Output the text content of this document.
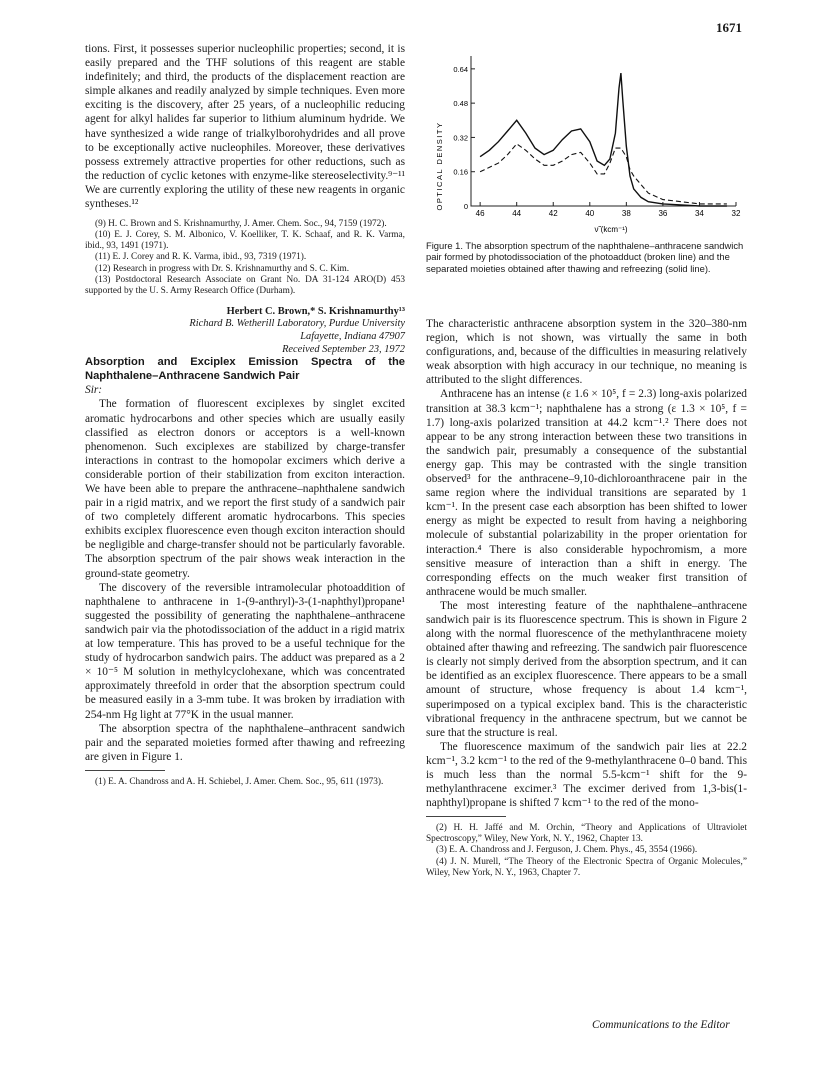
1671

tions. First, it possesses superior nucleophilic properties; second, it is easily prepared and the THF solutions of this reagent are stable indefinitely; and third, the products of the displacement reaction are simple alkanes and readily analyzed by simple techniques. Even more exciting is the discovery, after 25 years, of a nucleophilic reducing agent for alkyl halides far superior to lithium aluminum hydride. We have synthesized a wide range of trialkylborohydrides and all prove to be exceptionally active nucleophiles. Moreover, these derivatives possess extremely attractive properties for other reductions, such as the reduction of cyclic ketones with enzyme-like stereoselectivity.⁹⁻¹¹ We are currently exploring the utility of these new reagents in organic syntheses.¹²

(9) H. C. Brown and S. Krishnamurthy, J. Amer. Chem. Soc., 94, 7159 (1972).

(10) E. J. Corey, S. M. Albonico, V. Koelliker, T. K. Schaaf, and R. K. Varma, ibid., 93, 1491 (1971).

(11) E. J. Corey and R. K. Varma, ibid., 93, 7319 (1971).

(12) Research in progress with Dr. S. Krishnamurthy and S. C. Kim.

(13) Postdoctoral Research Associate on Grant No. DA 31-124 ARO(D) 453 supported by the U. S. Army Research Office (Durham).

Herbert C. Brown,* S. Krishnamurthy¹³
Richard B. Wetherill Laboratory, Purdue University
Lafayette, Indiana 47907
Received September 23, 1972

Absorption and Exciplex Emission Spectra of the Naphthalene–Anthracene Sandwich Pair

Sir:

The formation of fluorescent exciplexes by singlet excited aromatic hydrocarbons and other species which are usually easily classified as electron donors or acceptors is a well-known phenomenon. Such exciplexes are stabilized by charge-transfer interactions in contrast to the homopolar excimers which derive a considerable portion of their stabilization from exciton interaction. We have been able to prepare the anthracene–naphthalene sandwich pair in a rigid matrix, and we report the first study of a sandwich pair of two completely different aromatic hydrocarbons. This species exhibits exciplex fluorescence even though exciton interaction should be negligible and charge-transfer should not be particularly favorable. The absorption spectrum of the pair shows weak interaction in the ground-state geometry.

The discovery of the reversible intramolecular photoaddition of naphthalene to anthracene in 1-(9-anthryl)-3-(1-naphthyl)propane¹ suggested the possibility of generating the naphthalene–anthracene sandwich pair via the photodissociation of the adduct in a rigid matrix at low temperature. This has proved to be a useful technique for the study of hydrocarbon sandwich pairs. The adduct was prepared as a 2 × 10⁻⁵ M solution in methylcyclohexane, which was concentrated approximately threefold in order that the absorption spectrum could be measured easily in a 3-mm tube. It was broken by irradiation with 254-nm Hg light at 77°K in the usual manner.

The absorption spectra of the naphthalene–anthracent sandwich pair and the separated moieties formed after thawing and refreezing are given in Figure 1.

(1) E. A. Chandross and A. H. Schiebel, J. Amer. Chem. Soc., 95, 611 (1973).

OPTICAL DENSITY
ν̃ (kcm⁻¹)
46	44	42	40	38	36	34	32
0
0.16
0.32
0.48
0.64
Figure 1. The absorption spectrum of the naphthalene–anthracene sandwich pair formed by photodissociation of the photoadduct (broken line) and the separated moieties obtained after thawing and refreezing (solid line).

The characteristic anthracene absorption system in the 320–380-nm region, which is not shown, was virtually the same in both configurations, and, because of the difficulties in measuring relatively weak absorption with high accuracy in our technique, no meaning is attributed to the slight differences.

Anthracene has an intense (ε 1.6 × 10⁵, f = 2.3) long-axis polarized transition at 38.3 kcm⁻¹; naphthalene has a strong (ε 1.3 × 10⁵, f = 1.7) long-axis polarized transition at 44.2 kcm⁻¹.² There does not appear to be any strong interaction between these two transitions in the sandwich pair, presumably a consequence of the substantial energy gap. This may be contrasted with the single transition observed³ for the anthracene–9,10-dichloroanthracene pair in the same region where the individual transitions are separated by 1 kcm⁻¹. In the present case each absorption has been shifted to lower energy as might be expected to result from having a neighboring molecule of substantial polarizability in the proper orientation for interaction.⁴ There is also considerable hypochromism, a more sensitive measure of interaction than a shift in energy. The corresponding effects on the much weaker first transition of anthracene would be much smaller.

The most interesting feature of the naphthalene–anthracene sandwich pair is its fluorescence spectrum. This is shown in Figure 2 along with the normal fluorescence of the methylanthracene moiety obtained after thawing and refreezing. The sandwich pair fluorescence is clearly not simply derived from the absorption spectrum, and it can be identified as an exciplex fluorescence. There appears to be a small amount of structure, whose frequency is about 1.4 kcm⁻¹, superimposed on a typical exciplex band. This is the characteristic vibrational frequency in the anthracene spectrum, but we cannot be sure that the structure is real.

The fluorescence maximum of the sandwich pair lies at 22.2 kcm⁻¹, 3.2 kcm⁻¹ to the red of the 9-methylanthracene 0–0 band. This is much less than the normal 5.5-kcm⁻¹ shift for the 9-methylanthracene excimer.³ The excimer derived from 1,3-bis(1-naphthyl)propane is shifted 7 kcm⁻¹ to the red of the mono-

(2) H. H. Jaffé and M. Orchin, “Theory and Applications of Ultraviolet Spectroscopy,” Wiley, New York, N. Y., 1962, Chapter 13.

(3) E. A. Chandross and J. Ferguson, J. Chem. Phys., 45, 3554 (1966).

(4) J. N. Murell, “The Theory of the Electronic Spectra of Organic Molecules,” Wiley, New York, N. Y., 1963, Chapter 7.

Communications to the Editor
